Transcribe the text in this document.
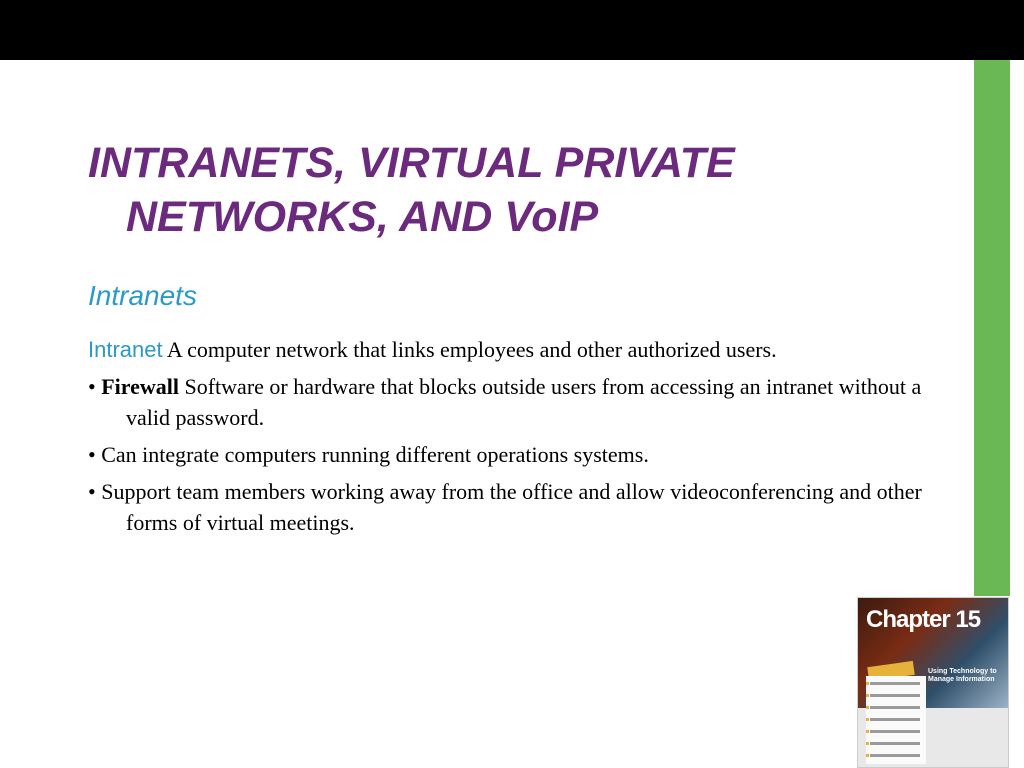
INTRANETS, VIRTUAL PRIVATE
NETWORKS, AND VoIP
Intranets

Intranet A computer network that links employees and other authorized users.

• Firewall Software or hardware that blocks outside users from accessing an intranet without a valid password.

• Can integrate computers running different operations systems.

• Support team members working away from the office and allow videoconferencing and other forms of virtual meetings.

Chapter 15
Using Technology to Manage Information
